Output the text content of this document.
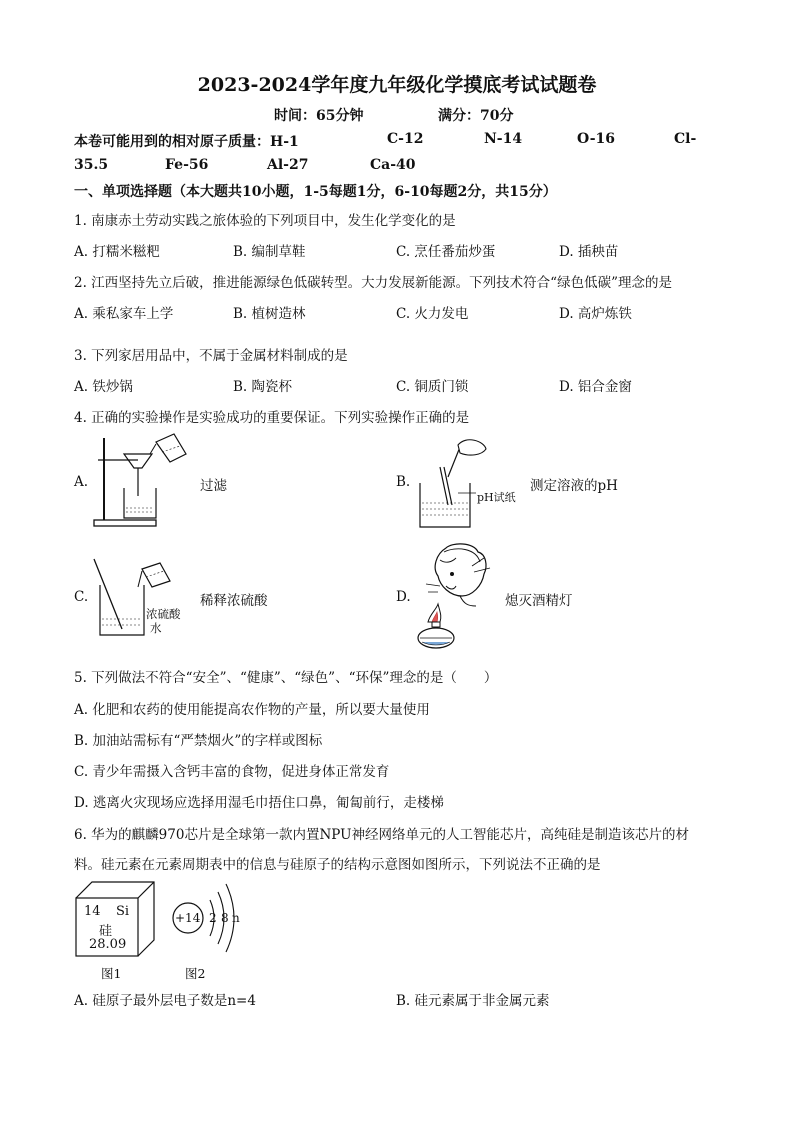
2023-2024学年度九年级化学摸底考试试题卷
时间：65分钟	满分：70分
本卷可能用到的相对原子质量：H-1	C-12	N-14	O-16	Cl-
35.5	Fe-56	Al-27	Ca-40
一、单项选择题（本大题共10小题，1-5每题1分，6-10每题2分，共15分）
1. 南康赤土劳动实践之旅体验的下列项目中，发生化学变化的是
A. 打糯米糍粑	B. 编制草鞋	C. 烹任番茄炒蛋	D. 插秧苗
2. 江西坚持先立后破，推进能源绿色低碳转型。大力发展新能源。下列技术符合“绿色低碳”理念的是
A. 乘私家车上学	B. 植树造林	C. 火力发电	D. 高炉炼铁
3. 下列家居用品中，不属于金属材料制成的是
A. 铁炒锅	B. 陶瓷杯	C. 铜质门锁	D. 铝合金窗
4. 正确的实验操作是实验成功的重要保证。下列实验操作正确的是
A.	过滤	B.
pH试纸
测定溶液的pH
C.
浓硫酸
水
稀释浓硫酸	D.	熄灭酒精灯
5. 下列做法不符合“安全”、“健康”、“绿色”、“环保”理念的是（　　）
A. 化肥和农药的使用能提高农作物的产量，所以要大量使用
B. 加油站需标有“严禁烟火”的字样或图标
C. 青少年需摄入含钙丰富的食物，促进身体正常发育
D. 逃离火灾现场应选择用湿毛巾捂住口鼻，匍匐前行，走楼梯
6. 华为的麒麟970芯片是全球第一款内置NPU神经网络单元的人工智能芯片，高纯硅是制造该芯片的材
料。硅元素在元素周期表中的信息与硅原子的结构示意图如图所示，下列说法不正确的是
14 Si
硅
28.09
+14 2 8 n
图1	图2
A. 硅原子最外层电子数是n=4	B. 硅元素属于非金属元素
